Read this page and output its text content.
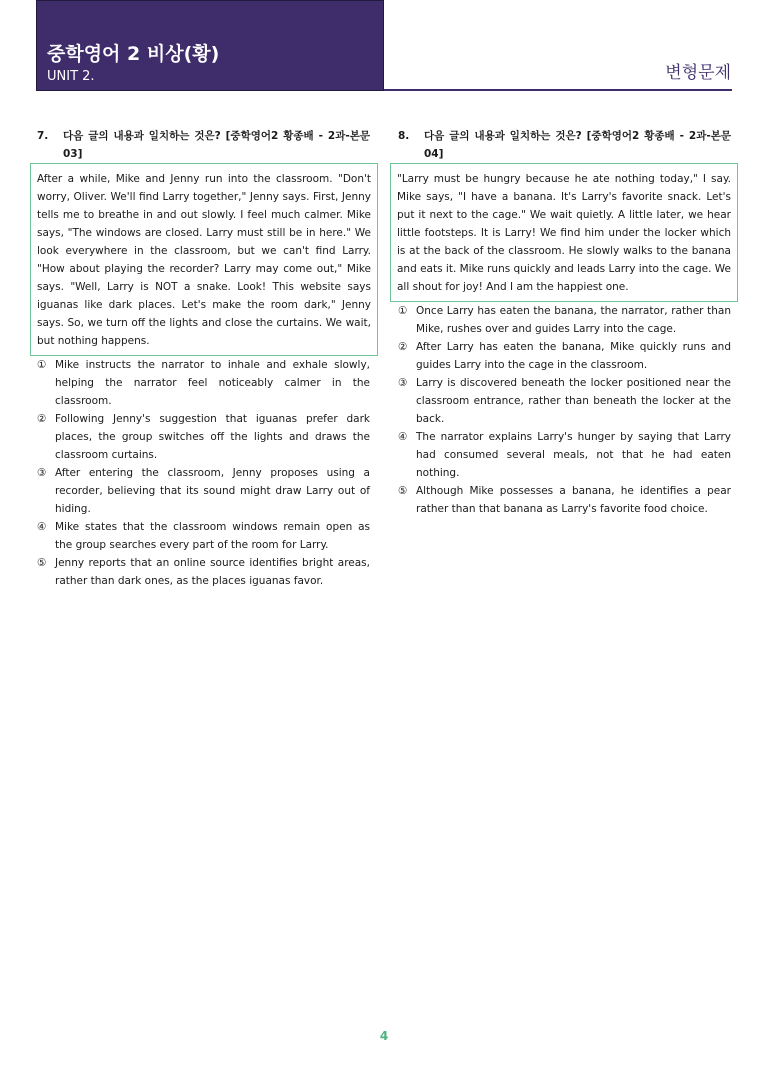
중학영어 2 비상(황)
UNIT 2.	변형문제
7. 다음 글의 내용과 일치하는 것은? [중학영어2 황종배 - 2과-본문 03]
After a while, Mike and Jenny run into the classroom. "Don't worry, Oliver. We'll find Larry together," Jenny says. First, Jenny tells me to breathe in and out slowly. I feel much calmer. Mike says, "The windows are closed. Larry must still be in here." We look everywhere in the classroom, but we can't find Larry. "How about playing the recorder? Larry may come out," Mike says. "Well, Larry is NOT a snake. Look! This website says iguanas like dark places. Let's make the room dark," Jenny says. So, we turn off the lights and close the curtains. We wait, but nothing happens.
① Mike instructs the narrator to inhale and exhale slowly, helping the narrator feel noticeably calmer in the classroom.
② Following Jenny's suggestion that iguanas prefer dark places, the group switches off the lights and draws the classroom curtains.
③ After entering the classroom, Jenny proposes using a recorder, believing that its sound might draw Larry out of hiding.
④ Mike states that the classroom windows remain open as the group searches every part of the room for Larry.
⑤ Jenny reports that an online source identifies bright areas, rather than dark ones, as the places iguanas favor.
8. 다음 글의 내용과 일치하는 것은? [중학영어2 황종배 - 2과-본문 04]
"Larry must be hungry because he ate nothing today," I say. Mike says, "I have a banana. It's Larry's favorite snack. Let's put it next to the cage." We wait quietly. A little later, we hear little footsteps. It is Larry! We find him under the locker which is at the back of the classroom. He slowly walks to the banana and eats it. Mike runs quickly and leads Larry into the cage. We all shout for joy! And I am the happiest one.
① Once Larry has eaten the banana, the narrator, rather than Mike, rushes over and guides Larry into the cage.
② After Larry has eaten the banana, Mike quickly runs and guides Larry into the cage in the classroom.
③ Larry is discovered beneath the locker positioned near the classroom entrance, rather than beneath the locker at the back.
④ The narrator explains Larry's hunger by saying that Larry had consumed several meals, not that he had eaten nothing.
⑤ Although Mike possesses a banana, he identifies a pear rather than that banana as Larry's favorite food choice.
4
